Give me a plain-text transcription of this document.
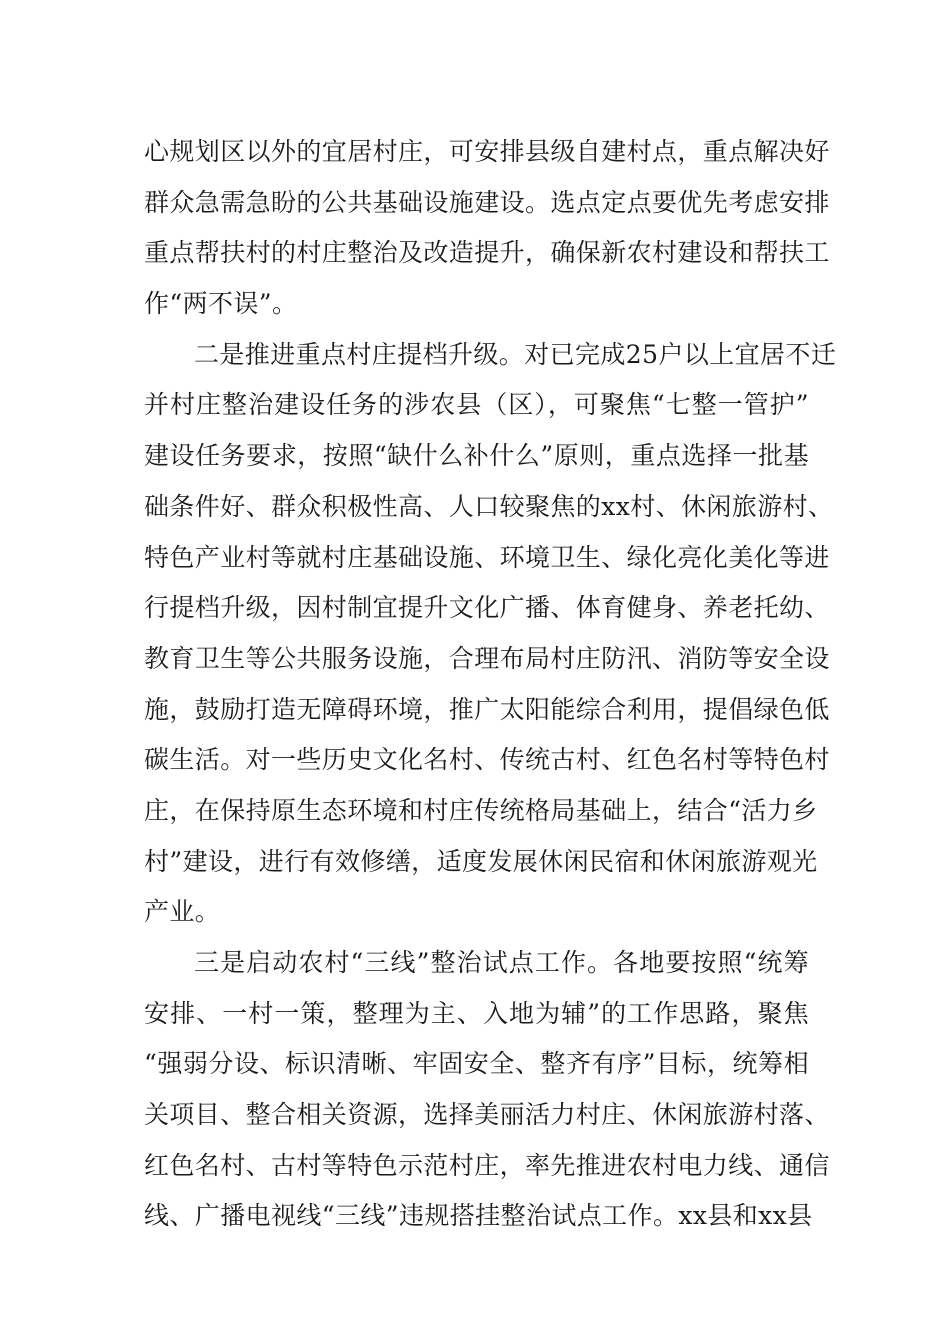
心规划区以外的宜居村庄，可安排县级自建村点，重点解决好
群众急需急盼的公共基础设施建设。选点定点要优先考虑安排
重点帮扶村的村庄整治及改造提升，确保新农村建设和帮扶工
作“两不误”。
二是推进重点村庄提档升级。对已完成25户以上宜居不迁
并村庄整治建设任务的涉农县（区），可聚焦“七整一管护”
建设任务要求，按照“缺什么补什么”原则，重点选择一批基
础条件好、群众积极性高、人口较聚焦的xx村、休闲旅游村、
特色产业村等就村庄基础设施、环境卫生、绿化亮化美化等进
行提档升级，因村制宜提升文化广播、体育健身、养老托幼、
教育卫生等公共服务设施，合理布局村庄防汛、消防等安全设
施，鼓励打造无障碍环境，推广太阳能综合利用，提倡绿色低
碳生活。对一些历史文化名村、传统古村、红色名村等特色村
庄，在保持原生态环境和村庄传统格局基础上，结合“活力乡
村”建设，进行有效修缮，适度发展休闲民宿和休闲旅游观光
产业。
三是启动农村“三线”整治试点工作。各地要按照“统筹
安排、一村一策，整理为主、入地为辅”的工作思路，聚焦
“强弱分设、标识清晰、牢固安全、整齐有序”目标，统筹相
关项目、整合相关资源，选择美丽活力村庄、休闲旅游村落、
红色名村、古村等特色示范村庄，率先推进农村电力线、通信
线、广播电视线“三线”违规搭挂整治试点工作。xx县和xx县
